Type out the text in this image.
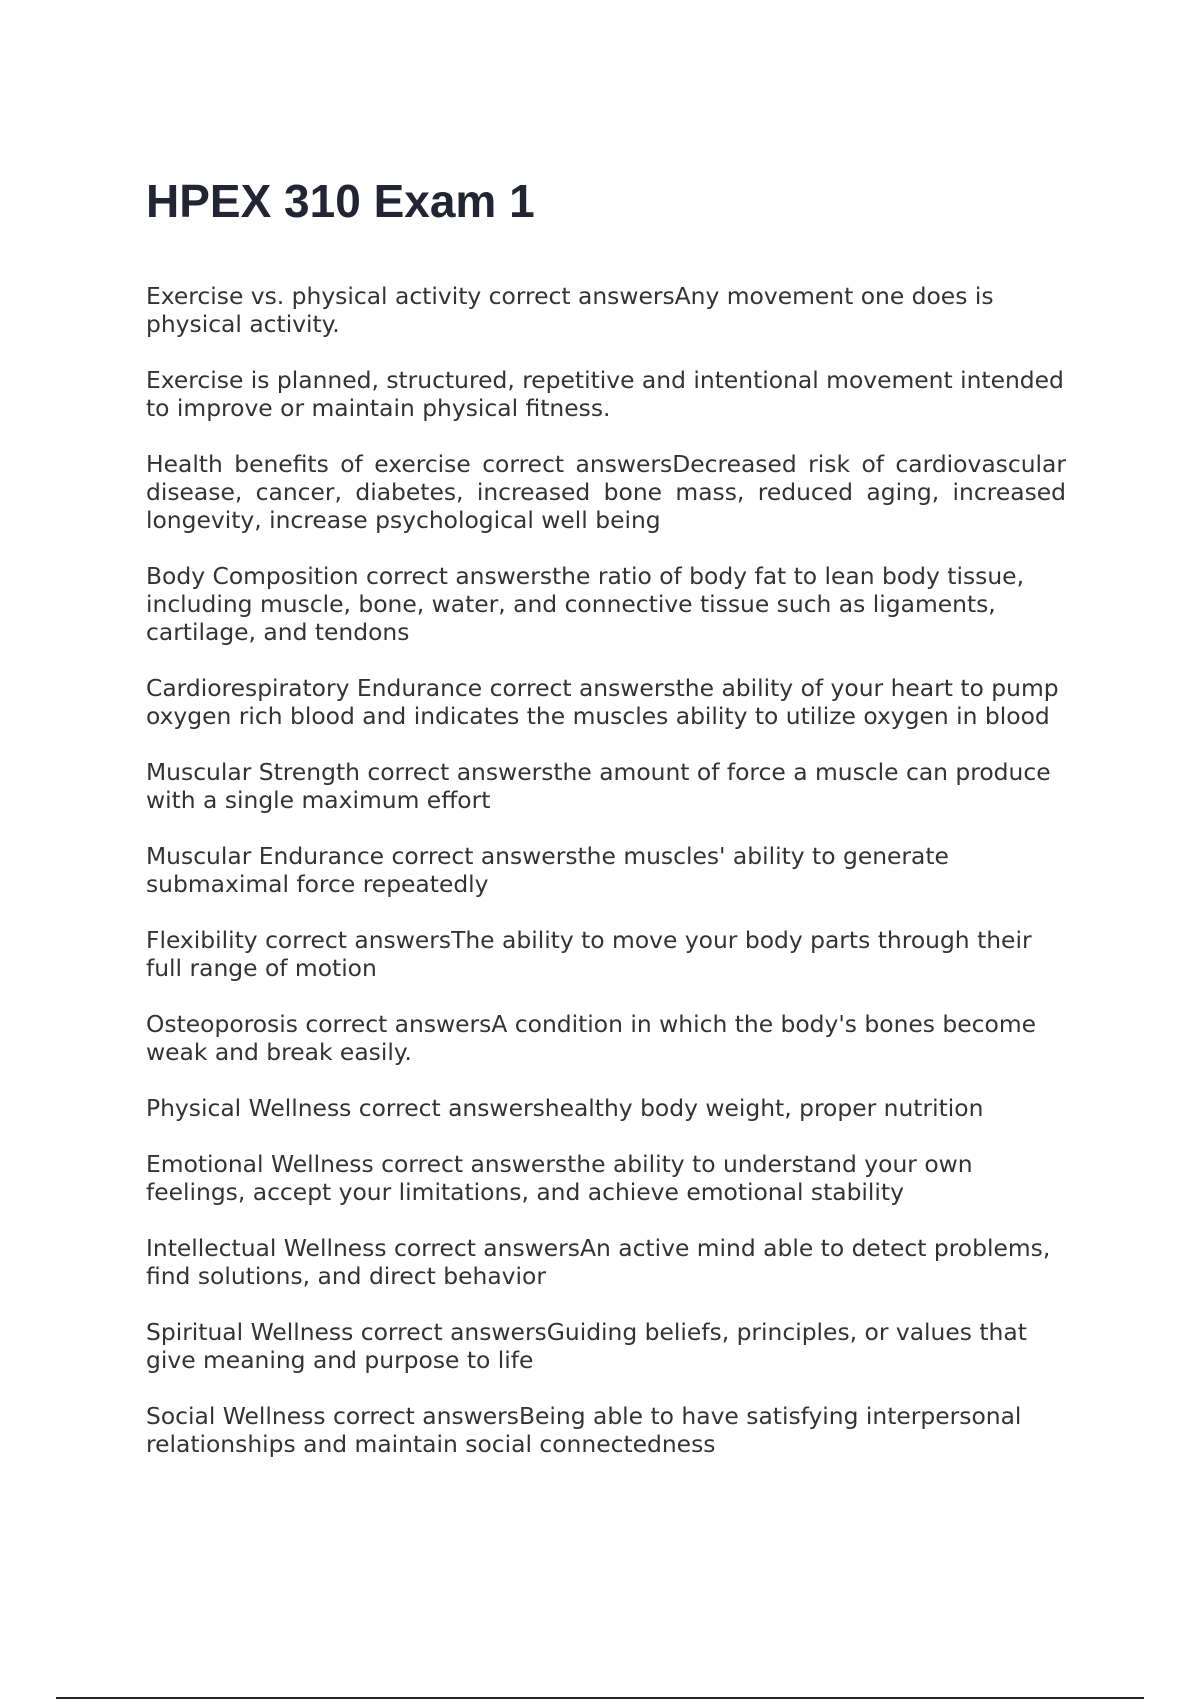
HPEX 310 Exam 1

Exercise vs. physical activity correct answersAny movement one does is physical activity.

Exercise is planned, structured, repetitive and intentional movement intended to improve or maintain physical fitness.

Health benefits of exercise correct answersDecreased risk of cardiovascular disease, cancer, diabetes, increased bone mass, reduced aging, increased longevity, increase psychological well being

Body Composition correct answersthe ratio of body fat to lean body tissue, including muscle, bone, water, and connective tissue such as ligaments, cartilage, and tendons

Cardiorespiratory Endurance correct answersthe ability of your heart to pump oxygen rich blood and indicates the muscles ability to utilize oxygen in blood

Muscular Strength correct answersthe amount of force a muscle can produce with a single maximum effort

Muscular Endurance correct answersthe muscles' ability to generate submaximal force repeatedly

Flexibility correct answersThe ability to move your body parts through their full range of motion

Osteoporosis correct answersA condition in which the body's bones become weak and break easily.

Physical Wellness correct answershealthy body weight, proper nutrition

Emotional Wellness correct answersthe ability to understand your own feelings, accept your limitations, and achieve emotional stability

Intellectual Wellness correct answersAn active mind able to detect problems, find solutions, and direct behavior

Spiritual Wellness correct answersGuiding beliefs, principles, or values that give meaning and purpose to life

Social Wellness correct answersBeing able to have satisfying interpersonal relationships and maintain social connectedness
